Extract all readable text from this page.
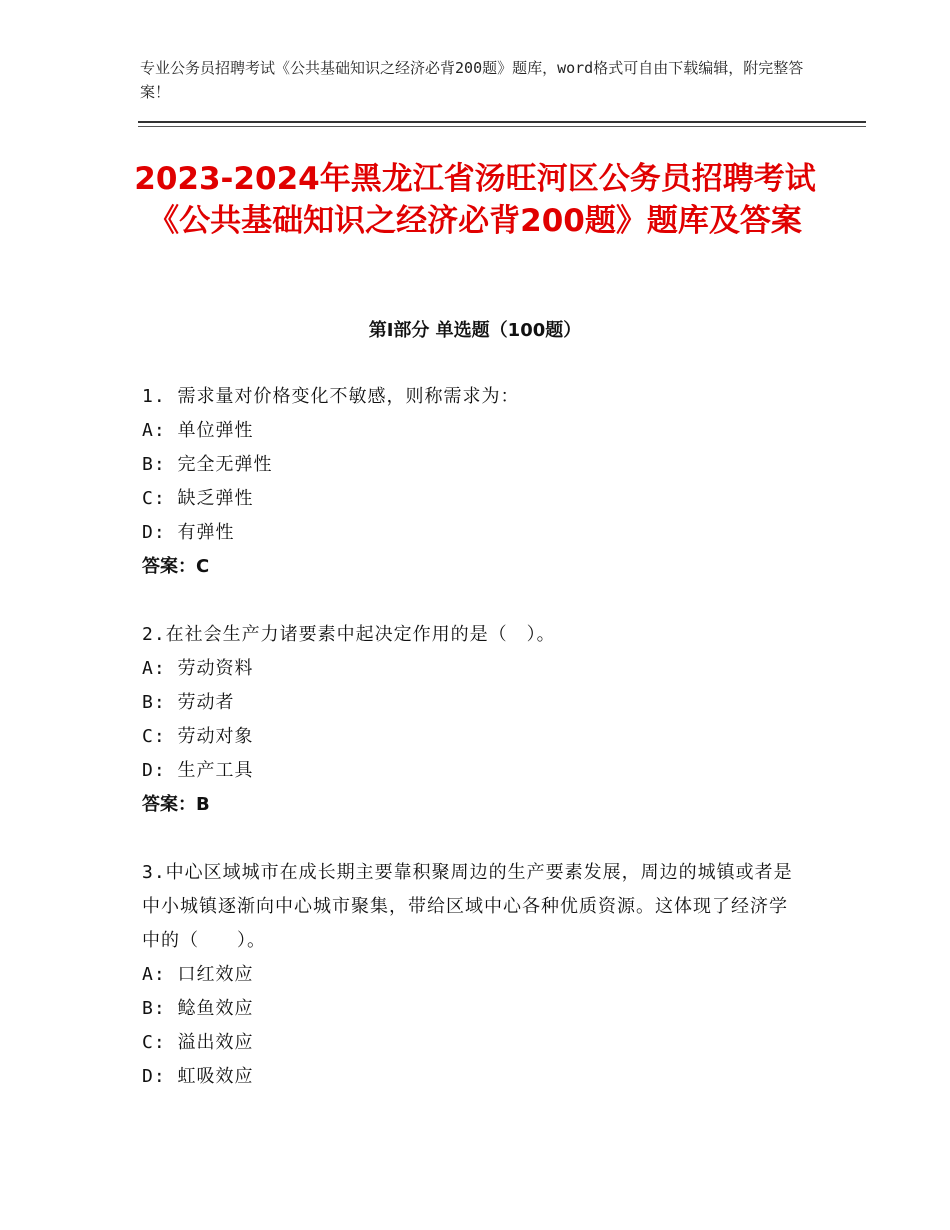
专业公务员招聘考试《公共基础知识之经济必背200题》题库，word格式可自由下载编辑，附完整答案！
2023-2024年黑龙江省汤旺河区公务员招聘考试《公共基础知识之经济必背200题》题库及答案
第Ⅰ部分 单选题（100题）
1. 需求量对价格变化不敏感，则称需求为：
A: 单位弹性
B: 完全无弹性
C: 缺乏弹性
D: 有弹性
答案：C
2.在社会生产力诸要素中起决定作用的是（　）。
A: 劳动资料
B: 劳动者
C: 劳动对象
D: 生产工具
答案：B
3.中心区域城市在成长期主要靠积聚周边的生产要素发展，周边的城镇或者是中小城镇逐渐向中心城市聚集，带给区域中心各种优质资源。这体现了经济学中的（　　）。
A: 口红效应
B: 鲶鱼效应
C: 溢出效应
D: 虹吸效应
